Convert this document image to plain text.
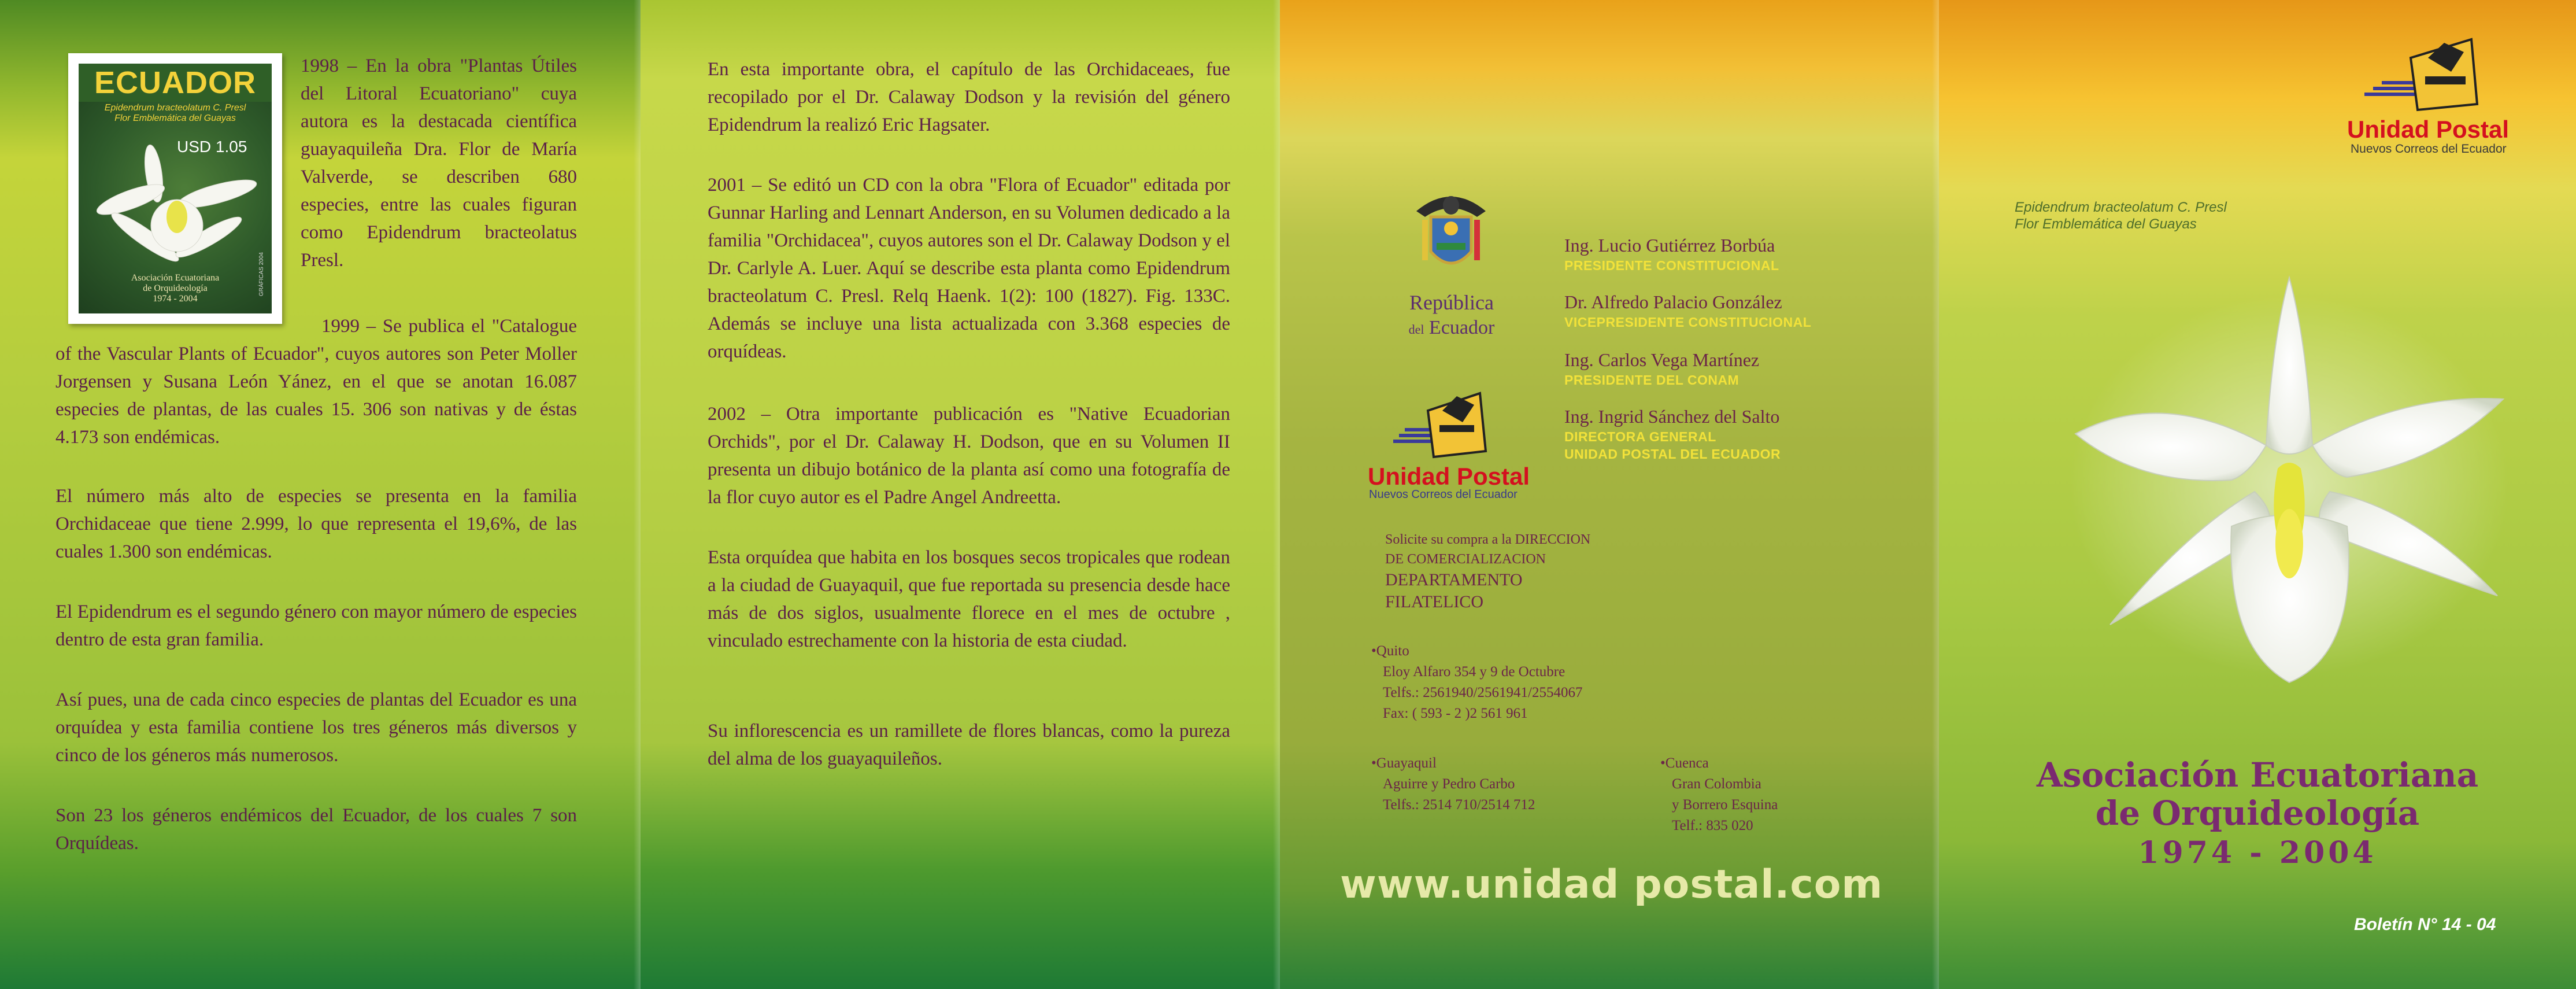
ECUADOR
Epidendrum bracteolatum C. Presl
Flor Emblemática del Guayas
USD 1.05
Asociación Ecuatoriana
de Orquideología
1974 - 2004
GRÁFICAS 2004

1998 – En la obra "Plantas Útiles del Litoral Ecuatoriano" cuya autora es la destacada científica guayaquileña Dra. Flor de María Valverde, se describen 680 especies, entre las cuales figuran como Epidendrum bracteolatus Presl.

1999 – Se publica el "Catalogue of the Vascular Plants of Ecuador", cuyos autores son Peter Moller Jorgensen y Susana León Yánez, en el que se anotan 16.087 especies de plantas, de las cuales 15. 306 son nativas y de éstas 4.173 son endémicas.

El número más alto de especies se presenta en la familia Orchidaceae que tiene 2.999, lo que representa el 19,6%, de las cuales 1.300 son endémicas.

El Epidendrum es el segundo género con mayor número de especies dentro de esta gran familia.

Así pues, una de cada cinco especies de plantas del Ecuador es una orquídea y esta familia contiene los tres géneros más diversos y cinco de los géneros más numerosos.

Son 23 los géneros endémicos del Ecuador, de los cuales 7 son Orquídeas.

En esta importante obra, el capítulo de las Orchidaceaes, fue recopilado por el Dr. Calaway Dodson y la revisión del género Epidendrum la realizó Eric Hagsater.

2001 – Se editó un CD con la obra "Flora of Ecuador" editada por Gunnar Harling and Lennart Anderson, en su Volumen dedicado a la familia "Orchidacea", cuyos autores son el Dr. Calaway Dodson y el Dr. Carlyle A. Luer. Aquí se describe esta planta como Epidendrum bracteolatum C. Presl. Relq Haenk. 1(2): 100 (1827). Fig. 133C. Además se incluye una lista actualizada con 3.368 especies de orquídeas.

2002 – Otra importante publicación es "Native Ecuadorian Orchids", por el Dr. Calaway H. Dodson, que en su Volumen II presenta un dibujo botánico de la planta así como una fotografía de la flor cuyo autor es el Padre Angel Andreetta.

Esta orquídea que habita en los bosques secos tropicales que rodean a la ciudad de Guayaquil, que fue reportada su presencia desde hace más de dos siglos, usualmente florece en el mes de octubre , vinculado estrechamente con la historia de esta ciudad.

Su inflorescencia es un ramillete de flores blancas, como la pureza del alma de los guayaquileños.

República
del Ecuador
Unidad Postal
Nuevos Correos del Ecuador
Ing. Lucio Gutiérrez Borbúa
PRESIDENTE CONSTITUCIONAL
Dr. Alfredo Palacio González
VICEPRESIDENTE CONSTITUCIONAL
Ing. Carlos Vega Martínez
PRESIDENTE DEL CONAM
Ing. Ingrid Sánchez del Salto
DIRECTORA GENERAL
UNIDAD POSTAL DEL ECUADOR
Solicite su compra a la DIRECCION
DE COMERCIALIZACION
DEPARTAMENTO
FILATELICO
•Quito
Eloy Alfaro 354 y 9 de Octubre
Telfs.: 2561940/2561941/2554067
Fax: ( 593 - 2 )2 561 961
•Guayaquil
Aguirre y Pedro Carbo
Telfs.: 2514 710/2514 712
•Cuenca
Gran Colombia
y Borrero Esquina
Telf.: 835 020
www.unidad postal.com
Unidad Postal
Nuevos Correos del Ecuador
Epidendrum bracteolatum C. Presl
Flor Emblemática del Guayas
Asociación Ecuatoriana
de Orquideología
1974 - 2004
Boletín N° 14 - 04
